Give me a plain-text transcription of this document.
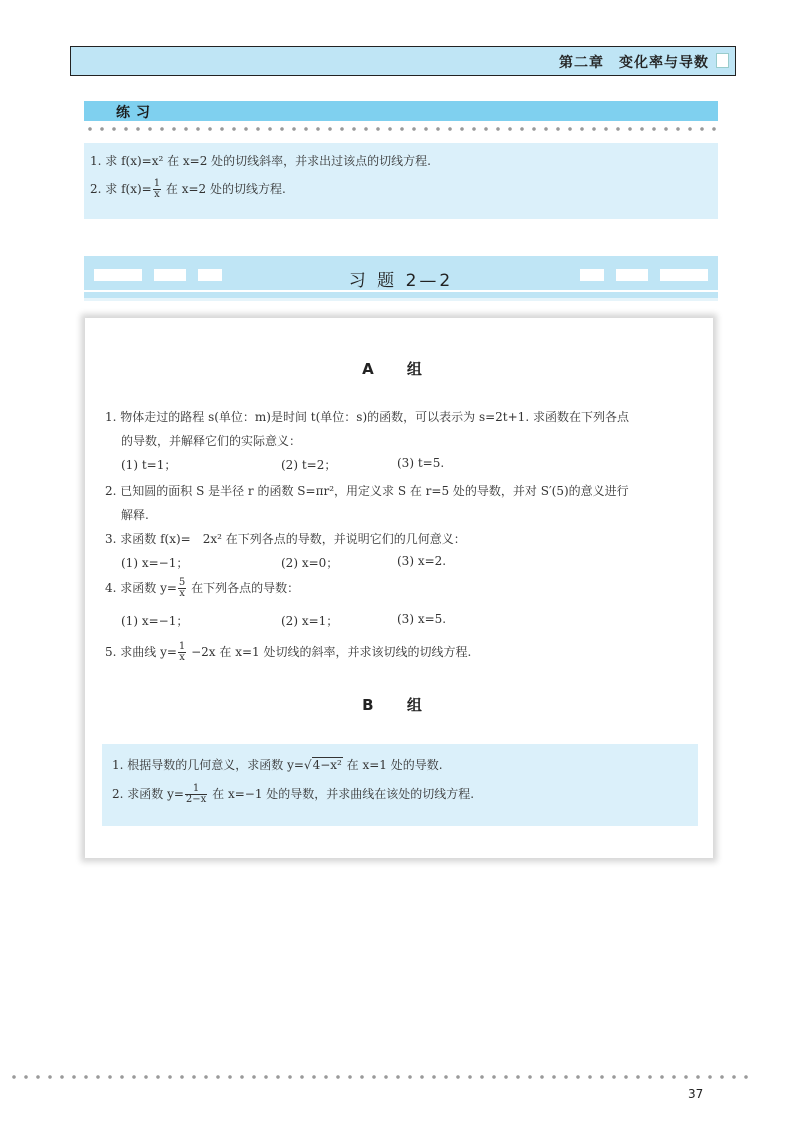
第二章　变化率与导数
练习
1. 求 f(x)=x² 在 x=2 处的切线斜率，并求出过该点的切线方程.
2. 求 $f(x)= \frac{1}{x}$ 在 x=2 处的切线方程.
习 题 2—2
A 组
1. 物体走过的路程 s(单位：m)是时间 t(单位：s)的函数，可以表示为 s=2t+1. 求函数在下列各点
的导数，并解释它们的实际意义：
(1) t=1；	(2) t=2；	(3) t=5.
2. 已知圆的面积 S 是半径 r 的函数 S=πr²，用定义求 S 在 r=5 处的导数，并对 S′(5)的意义进行
解释.
3. 求函数 f(x)=　2x² 在下列各点的导数，并说明它们的几何意义：
(1) x=−1；	(2) x=0；	(3) x=2.
4. 求函数 $y= \frac{5}{x}$ 在下列各点的导数：
(1) x=−1；	(2) x=1；	(3) x=5.
5. 求曲线 $y= \frac{1}{x} -2x$ 在 x=1 处切线的斜率，并求该切线的切线方程.
B 组
1. 根据导数的几何意义，求函数 y=√4−x² 在 x=1 处的导数.
2. 求函数 $y= \frac{1}{2-x}$ 在 x=−1 处的导数，并求曲线在该处的切线方程.
37
